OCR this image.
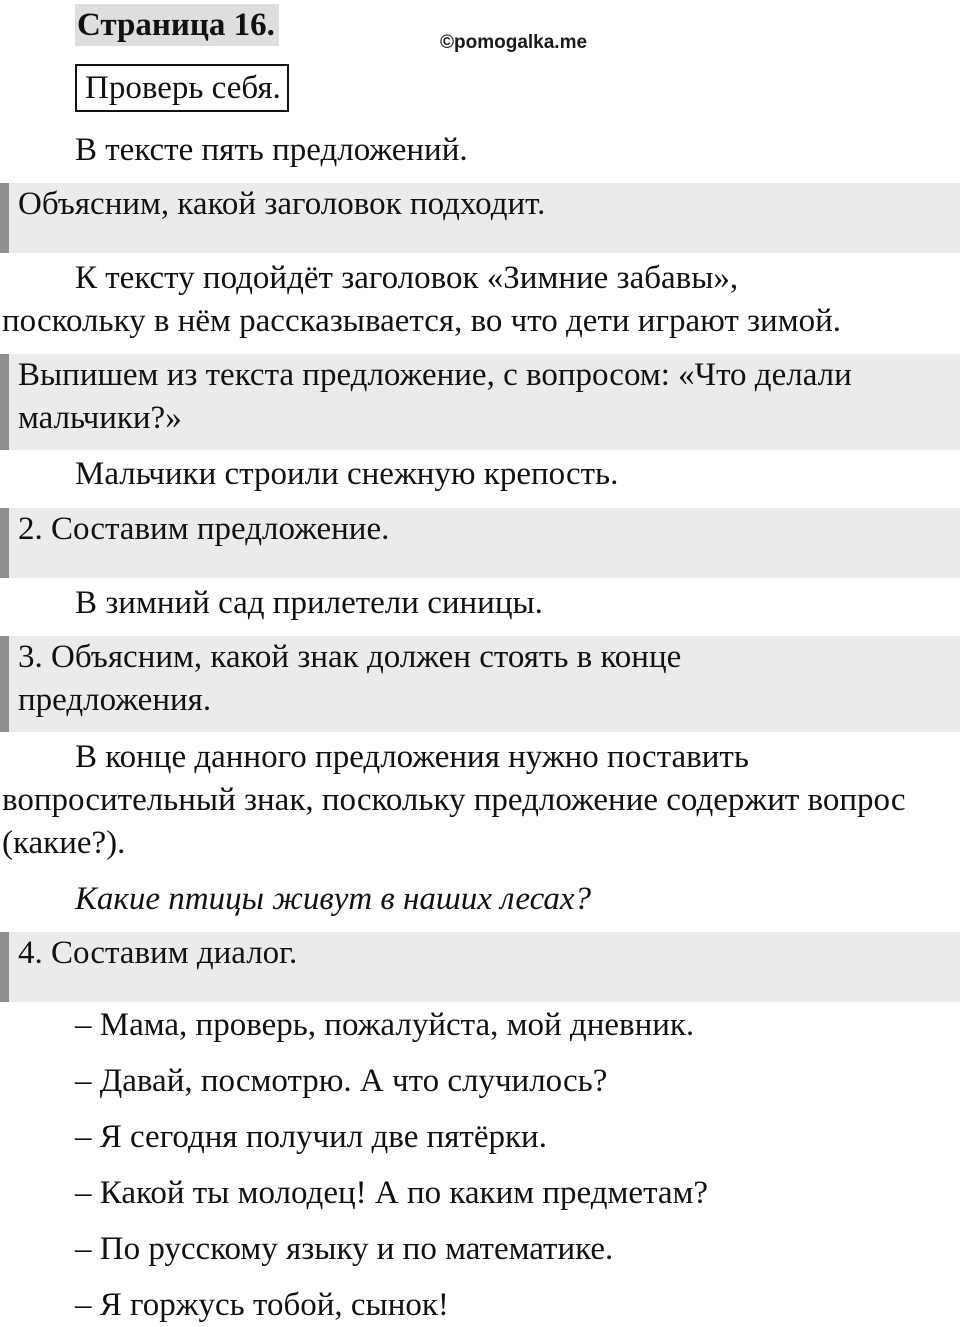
Страница 16.	©pomogalka.me
Проверь себя.

В тексте пять предложений.

Объясним, какой заголовок подходит.

К тексту подойдёт заголовок «Зимние забавы»,

поскольку в нём рассказывается, во что дети играют зимой.

Выпишем из текста предложение, с вопросом: «Что делали мальчики?»

Мальчики строили снежную крепость.

2. Составим предложение.

В зимний сад прилетели синицы.

3. Объясним, какой знак должен стоять в конце предложения.

В конце данного предложения нужно поставить вопросительный знак, поскольку предложение содержит вопрос (какие?).

Какие птицы живут в наших лесах?

4. Составим диалог.
– Мама, проверь, пожалуйста, мой дневник.
– Давай, посмотрю. А что случилось?
– Я сегодня получил две пятёрки.
– Какой ты молодец! А по каким предметам?
– По русскому языку и по математике.
– Я горжусь тобой, сынок!
